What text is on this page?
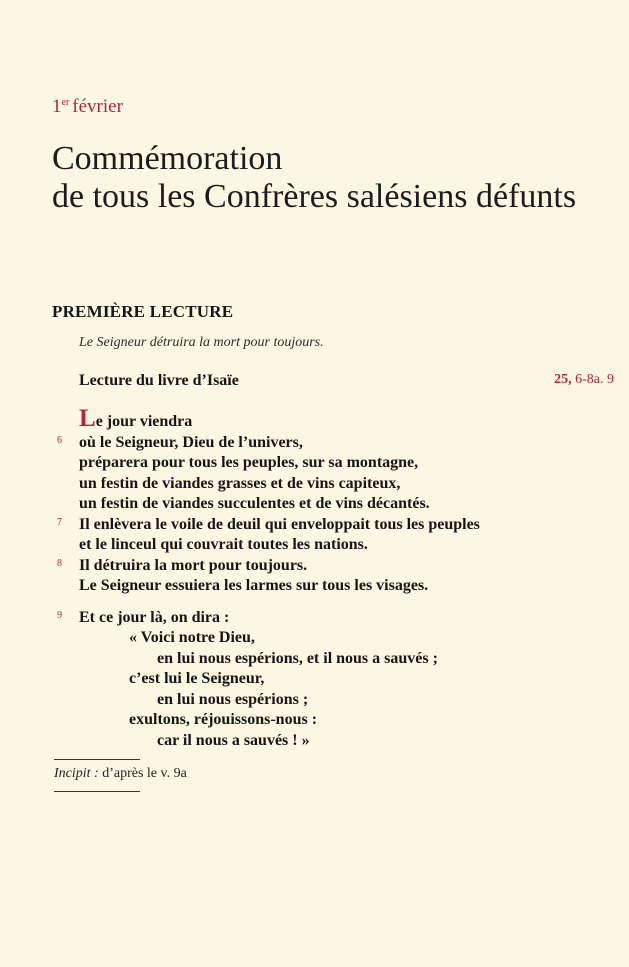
1er février
Commémoration
de tous les Confrères salésiens défunts
PREMIÈRE LECTURE
Le Seigneur détruira la mort pour toujours.
Lecture du livre d’Isaïe	25, 6-8a. 9
Le jour viendra
6 où le Seigneur, Dieu de l’univers,
préparera pour tous les peuples, sur sa montagne,
un festin de viandes grasses et de vins capiteux,
un festin de viandes succulentes et de vins décantés.
7 Il enlèvera le voile de deuil qui enveloppait tous les peuples
et le linceul qui couvrait toutes les nations.
8 Il détruira la mort pour toujours.
Le Seigneur essuiera les larmes sur tous les visages.
9 Et ce jour là, on dira :
« Voici notre Dieu,
en lui nous espérions, et il nous a sauvés ;
c’est lui le Seigneur,
en lui nous espérions ;
exultons, réjouissons-nous :
car il nous a sauvés ! »
Incipit : d’après le v. 9a
